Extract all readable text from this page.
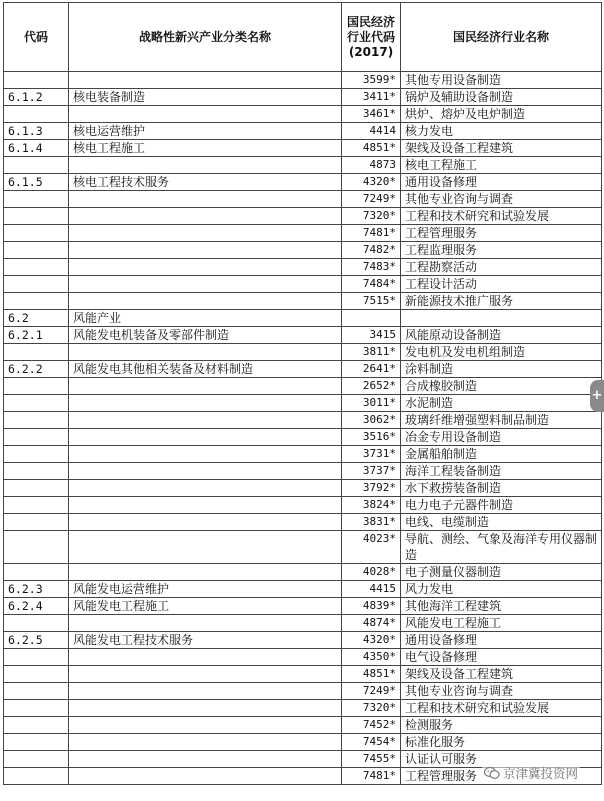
代码	战略性新兴产业分类名称	国民经济行业代码(2017)	国民经济行业名称
		3599*	其他专用设备制造
6.1.2	核电装备制造	3411*	锅炉及辅助设备制造
		3461*	烘炉、熔炉及电炉制造
6.1.3	核电运营维护	4414	核力发电
6.1.4	核电工程施工	4851*	架线及设备工程建筑
		4873	核电工程施工
6.1.5	核电工程技术服务	4320*	通用设备修理
		7249*	其他专业咨询与调查
		7320*	工程和技术研究和试验发展
		7481*	工程管理服务
		7482*	工程监理服务
		7483*	工程勘察活动
		7484*	工程设计活动
		7515*	新能源技术推广服务
6.2	风能产业		
6.2.1	风能发电机装备及零部件制造	3415	风能原动设备制造
		3811*	发电机及发电机组制造
6.2.2	风能发电其他相关装备及材料制造	2641*	涂料制造
		2652*	合成橡胶制造
		3011*	水泥制造
		3062*	玻璃纤维增强塑料制品制造
		3516*	冶金专用设备制造
		3731*	金属船舶制造
		3737*	海洋工程装备制造
		3792*	水下救捞装备制造
		3824*	电力电子元器件制造
		3831*	电线、电缆制造
		4023*	导航、测绘、气象及海洋专用仪器制造
		4028*	电子测量仪器制造
6.2.3	风能发电运营维护	4415	风力发电
6.2.4	风能发电工程施工	4839*	其他海洋工程建筑
		4874*	风能发电工程施工
6.2.5	风能发电工程技术服务	4320*	通用设备修理
		4350*	电气设备修理
		4851*	架线及设备工程建筑
		7249*	其他专业咨询与调查
		7320*	工程和技术研究和试验发展
		7452*	检测服务
		7454*	标准化服务
		7455*	认证认可服务
		7481*	工程管理服务
+
京津冀投资网
